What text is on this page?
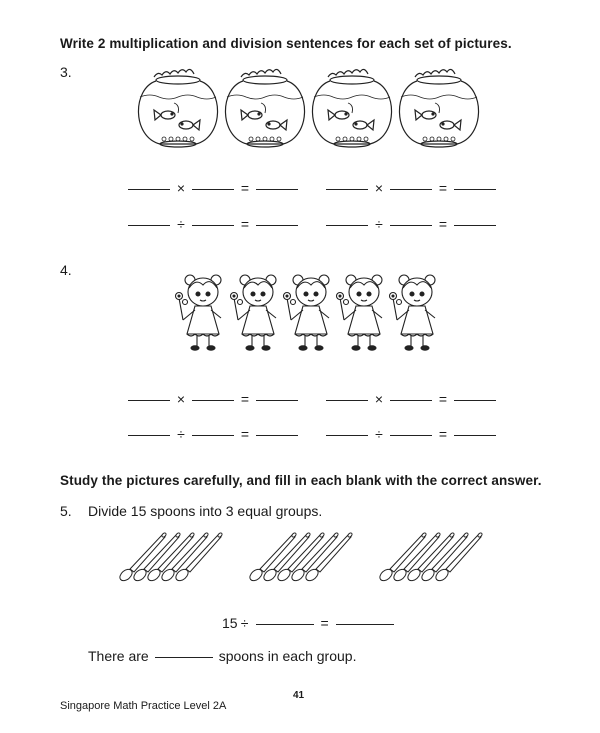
Write 2 multiplication and division sentences for each set of pictures.
3.
×	=	×	=
÷	=	÷	=
4.
×	=	×	=
÷	=	÷	=
Study the pictures carefully, and fill in each blank with the correct answer.
5. Divide 15 spoons into 3 equal groups.
15 ÷	=
There are	spoons in each group.
41
Singapore Math Practice Level 2A
